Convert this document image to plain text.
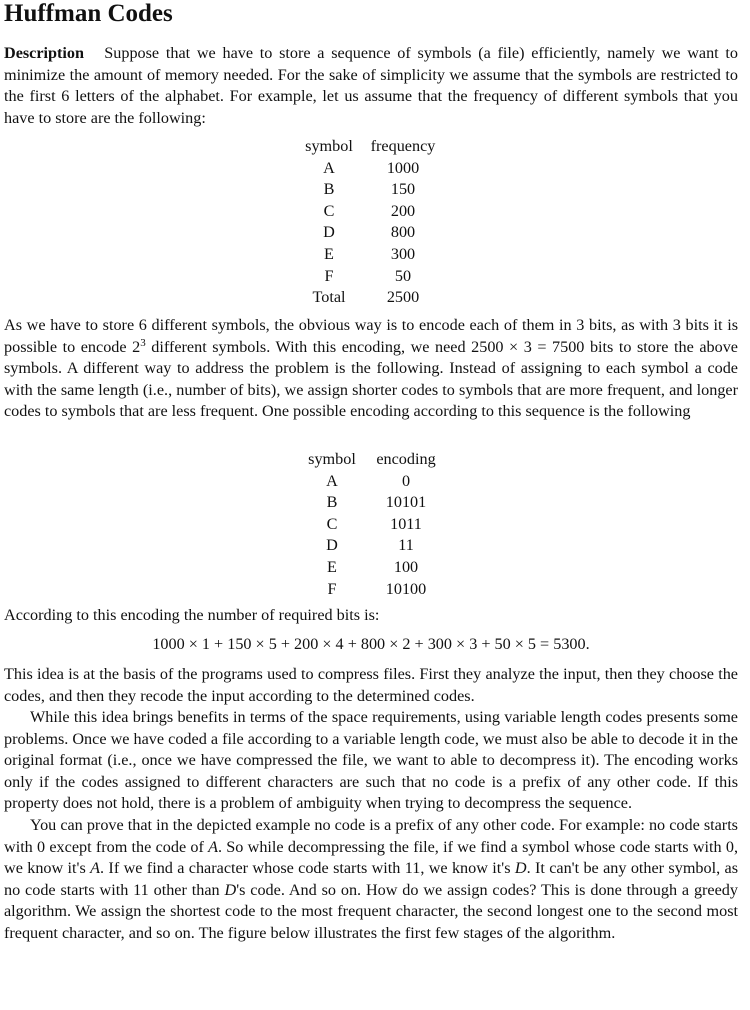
Huffman Codes

Description Suppose that we have to store a sequence of symbols (a file) efficiently, namely we want to minimize the amount of memory needed. For the sake of simplicity we assume that the symbols are restricted to the first 6 letters of the alphabet. For example, let us assume that the frequency of different symbols that you have to store are the following:

symbol	frequency
A	1000
B	150
C	200
D	800
E	300
F	50
Total	2500

As we have to store 6 different symbols, the obvious way is to encode each of them in 3 bits, as with 3 bits it is possible to encode $2^3$ different symbols. With this encoding, we need 2500 × 3 = 7500 bits to store the above symbols. A different way to address the problem is the following. Instead of assigning to each symbol a code with the same length (i.e., number of bits), we assign shorter codes to symbols that are more frequent, and longer codes to symbols that are less frequent. One possible encoding according to this sequence is the following

symbol	encoding
A	0
B	10101
C	1011
D	11
E	100
F	10100

According to this encoding the number of required bits is:

1000 × 1 + 150 × 5 + 200 × 4 + 800 × 2 + 300 × 3 + 50 × 5 = 5300.

This idea is at the basis of the programs used to compress files. First they analyze the input, then they choose the codes, and then they recode the input according to the determined codes.

While this idea brings benefits in terms of the space requirements, using variable length codes presents some problems. Once we have coded a file according to a variable length code, we must also be able to decode it in the original format (i.e., once we have compressed the file, we want to able to decompress it). The encoding works only if the codes assigned to different characters are such that no code is a prefix of any other code. If this property does not hold, there is a problem of ambiguity when trying to decompress the sequence.

You can prove that in the depicted example no code is a prefix of any other code. For example: no code starts with 0 except from the code of A. So while decompressing the file, if we find a symbol whose code starts with 0, we know it's A. If we find a character whose code starts with 11, we know it's D. It can't be any other symbol, as no code starts with 11 other than D's code. And so on. How do we assign codes? This is done through a greedy algorithm. We assign the shortest code to the most frequent character, the second longest one to the second most frequent character, and so on. The figure below illustrates the first few stages of the algorithm.
